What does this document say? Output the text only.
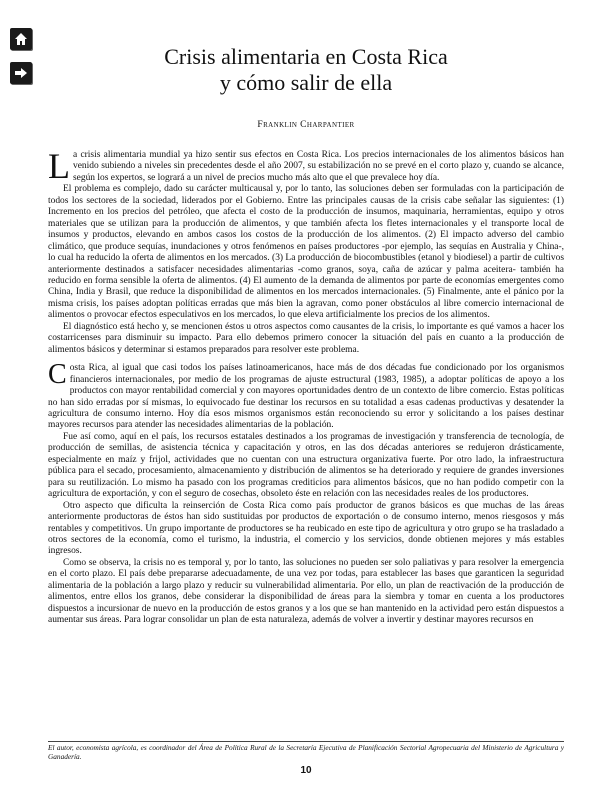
Crisis alimentaria en Costa Rica
y cómo salir de ella
Franklin Charpantier

La crisis alimentaria mundial ya hizo sentir sus efectos en Costa Rica. Los precios internacionales de los alimentos básicos han venido subiendo a niveles sin precedentes desde el año 2007, su estabilización no se prevé en el corto plazo y, cuando se alcance, según los expertos, se logrará a un nivel de precios mucho más alto que el que prevalece hoy día.

El problema es complejo, dado su carácter multicausal y, por lo tanto, las soluciones deben ser formuladas con la participación de todos los sectores de la sociedad, liderados por el Gobierno. Entre las principales causas de la crisis cabe señalar las siguientes: (1) Incremento en los precios del petróleo, que afecta el costo de la producción de insumos, maquinaria, herramientas, equipo y otros materiales que se utilizan para la producción de alimentos, y que también afecta los fletes internacionales y el transporte local de insumos y productos, elevando en ambos casos los costos de la producción de los alimentos. (2) El impacto adverso del cambio climático, que produce sequías, inundaciones y otros fenómenos en países productores -por ejemplo, las sequías en Australia y China-, lo cual ha reducido la oferta de alimentos en los mercados. (3) La producción de biocombustibles (etanol y biodiesel) a partir de cultivos anteriormente destinados a satisfacer necesidades alimentarias -como granos, soya, caña de azúcar y palma aceitera- también ha reducido en forma sensible la oferta de alimentos. (4) El aumento de la demanda de alimentos por parte de economías emergentes como China, India y Brasil, que reduce la disponibilidad de alimentos en los mercados internacionales. (5) Finalmente, ante el pánico por la misma crisis, los países adoptan políticas erradas que más bien la agravan, como poner obstáculos al libre comercio internacional de alimentos o provocar efectos especulativos en los mercados, lo que eleva artificialmente los precios de los alimentos.

El diagnóstico está hecho y, se mencionen éstos u otros aspectos como causantes de la crisis, lo importante es qué vamos a hacer los costarricenses para disminuir su impacto. Para ello debemos primero conocer la situación del país en cuanto a la producción de alimentos básicos y determinar si estamos preparados para resolver este problema.

Costa Rica, al igual que casi todos los países latinoamericanos, hace más de dos décadas fue condicionado por los organismos financieros internacionales, por medio de los programas de ajuste estructural (1983, 1985), a adoptar políticas de apoyo a los productos con mayor rentabilidad comercial y con mayores oportunidades dentro de un contexto de libre comercio. Estas políticas no han sido erradas por sí mismas, lo equivocado fue destinar los recursos en su totalidad a esas cadenas productivas y desatender la agricultura de consumo interno. Hoy día esos mismos organismos están reconociendo su error y solicitando a los países destinar mayores recursos para atender las necesidades alimentarias de la población.

Fue así como, aquí en el país, los recursos estatales destinados a los programas de investigación y transferencia de tecnología, de producción de semillas, de asistencia técnica y capacitación y otros, en las dos décadas anteriores se redujeron drásticamente, especialmente en maíz y frijol, actividades que no cuentan con una estructura organizativa fuerte. Por otro lado, la infraestructura pública para el secado, procesamiento, almacenamiento y distribución de alimentos se ha deteriorado y requiere de grandes inversiones para su reutilización. Lo mismo ha pasado con los programas crediticios para alimentos básicos, que no han podido competir con la agricultura de exportación, y con el seguro de cosechas, obsoleto éste en relación con las necesidades reales de los productores.

Otro aspecto que dificulta la reinserción de Costa Rica como país productor de granos básicos es que muchas de las áreas anteriormente productoras de éstos han sido sustituidas por productos de exportación o de consumo interno, menos riesgosos y más rentables y competitivos. Un grupo importante de productores se ha reubicado en este tipo de agricultura y otro grupo se ha trasladado a otros sectores de la economía, como el turismo, la industria, el comercio y los servicios, donde obtienen mejores y más estables ingresos.

Como se observa, la crisis no es temporal y, por lo tanto, las soluciones no pueden ser solo paliativas y para resolver la emergencia en el corto plazo. El país debe prepararse adecuadamente, de una vez por todas, para establecer las bases que garanticen la seguridad alimentaria de la población a largo plazo y reducir su vulnerabilidad alimentaria. Por ello, un plan de reactivación de la producción de alimentos, entre ellos los granos, debe considerar la disponibilidad de áreas para la siembra y tomar en cuenta a los productores dispuestos a incursionar de nuevo en la producción de estos granos y a los que se han mantenido en la actividad pero están dispuestos a aumentar sus áreas. Para lograr consolidar un plan de esta naturaleza, además de volver a invertir y destinar mayores recursos en

El autor, economista agrícola, es coordinador del Área de Política Rural de la Secretaría Ejecutiva de Planificación Sectorial Agropecuaria del Ministerio de Agricultura y Ganadería.
10
